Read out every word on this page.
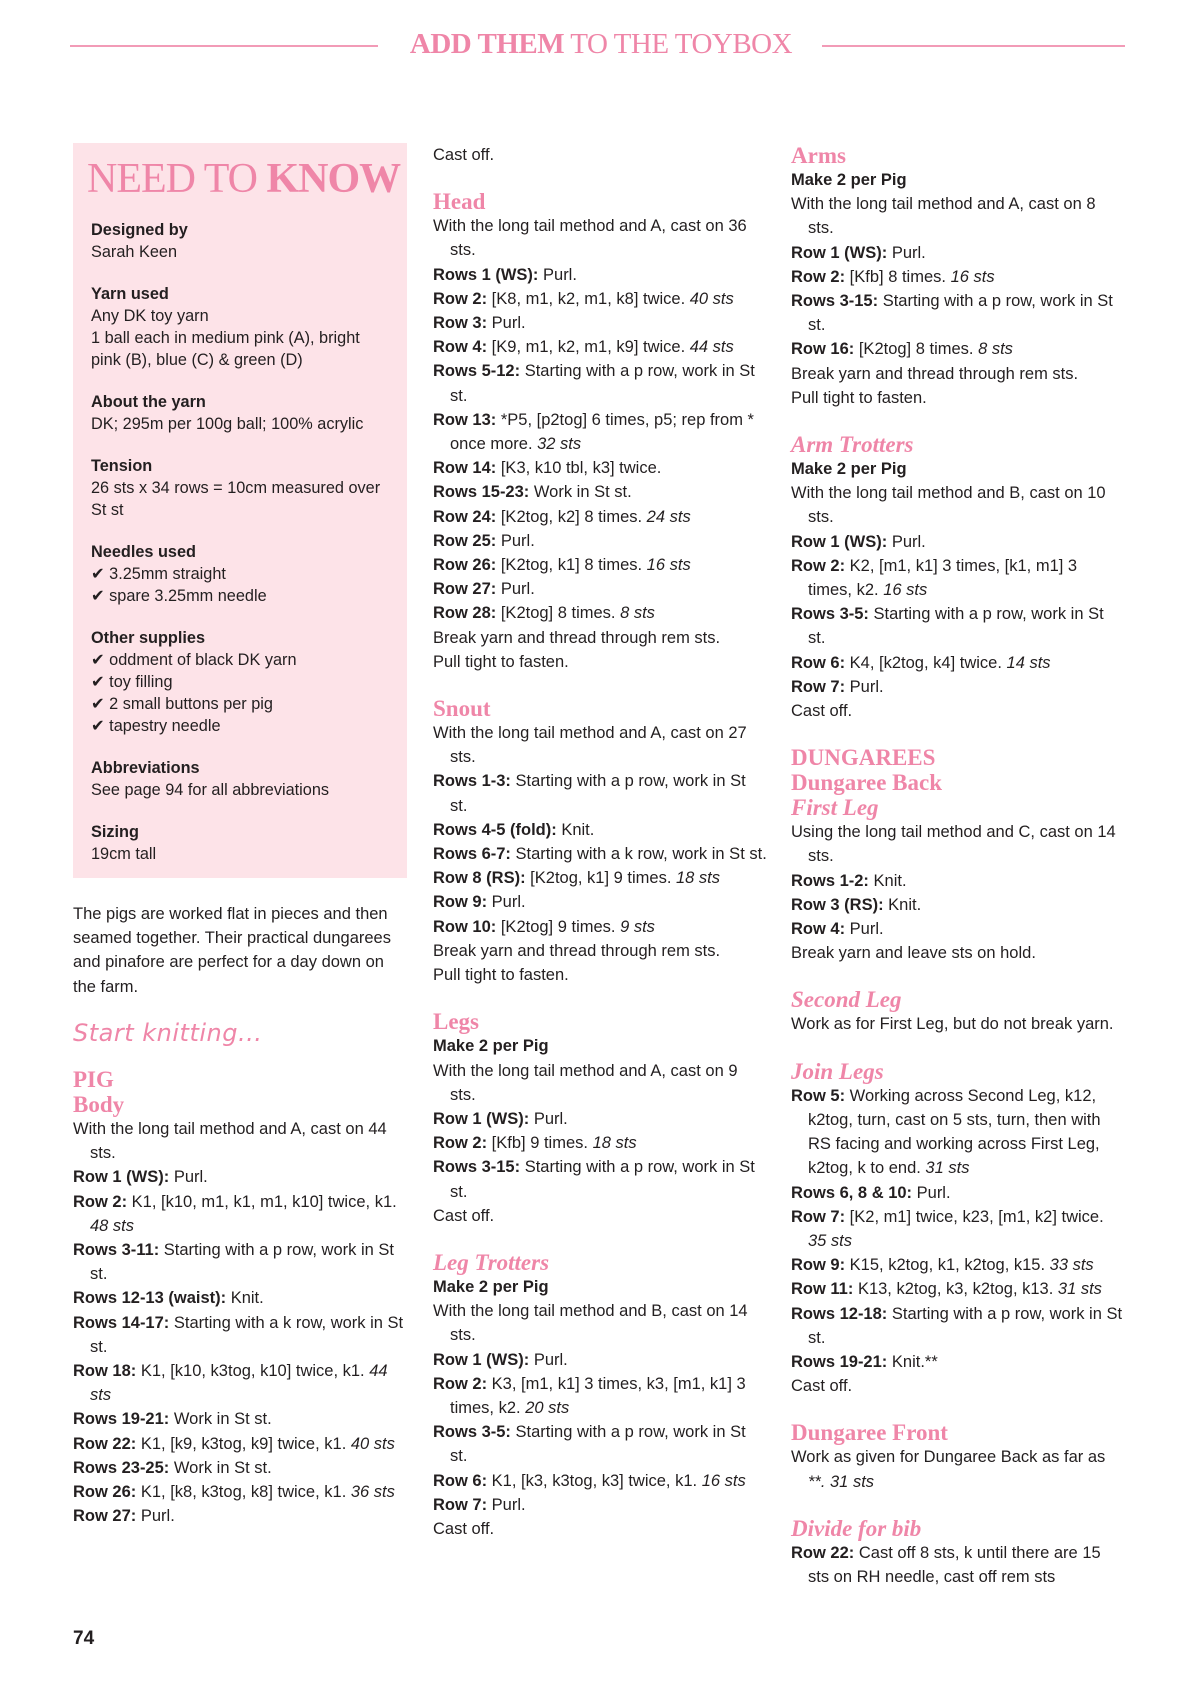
ADD THEM TO THE TOYBOX
NEED TO KNOW
Designed by
Sarah Keen
Yarn used
Any DK toy yarn
1 ball each in medium pink (A), bright pink (B), blue (C) & green (D)
About the yarn
DK; 295m per 100g ball; 100% acrylic
Tension
26 sts x 34 rows = 10cm measured over St st
Needles used
✔ 3.25mm straight
✔ spare 3.25mm needle
Other supplies
✔ oddment of black DK yarn
✔ toy filling
✔ 2 small buttons per pig
✔ tapestry needle
Abbreviations
See page 94 for all abbreviations
Sizing
19cm tall
The pigs are worked flat in pieces and then seamed together. Their practical dungarees and pinafore are perfect for a day down on the farm.
Start knitting...
PIG
Body
With the long tail method and A, cast on 44 sts.
Row 1 (WS): Purl.
Row 2: K1, [k10, m1, k1, m1, k10] twice, k1. 48 sts
Rows 3-11: Starting with a p row, work in St st.
Rows 12-13 (waist): Knit.
Rows 14-17: Starting with a k row, work in St st.
Row 18: K1, [k10, k3tog, k10] twice, k1. 44 sts
Rows 19-21: Work in St st.
Row 22: K1, [k9, k3tog, k9] twice, k1. 40 sts
Rows 23-25: Work in St st.
Row 26: K1, [k8, k3tog, k8] twice, k1. 36 sts
Row 27: Purl.
Cast off.
Head
With the long tail method and A, cast on 36 sts.
Rows 1 (WS): Purl.
Row 2: [K8, m1, k2, m1, k8] twice. 40 sts
Row 3: Purl.
Row 4: [K9, m1, k2, m1, k9] twice. 44 sts
Rows 5-12: Starting with a p row, work in St st.
Row 13: *P5, [p2tog] 6 times, p5; rep from * once more. 32 sts
Row 14: [K3, k10 tbl, k3] twice.
Rows 15-23: Work in St st.
Row 24: [K2tog, k2] 8 times. 24 sts
Row 25: Purl.
Row 26: [K2tog, k1] 8 times. 16 sts
Row 27: Purl.
Row 28: [K2tog] 8 times. 8 sts
Break yarn and thread through rem sts.
Pull tight to fasten.
Snout
With the long tail method and A, cast on 27 sts.
Rows 1-3: Starting with a p row, work in St st.
Rows 4-5 (fold): Knit.
Rows 6-7: Starting with a k row, work in St st.
Row 8 (RS): [K2tog, k1] 9 times. 18 sts
Row 9: Purl.
Row 10: [K2tog] 9 times. 9 sts
Break yarn and thread through rem sts.
Pull tight to fasten.
Legs
Make 2 per Pig
With the long tail method and A, cast on 9 sts.
Row 1 (WS): Purl.
Row 2: [Kfb] 9 times. 18 sts
Rows 3-15: Starting with a p row, work in St st.
Cast off.
Leg Trotters
Make 2 per Pig
With the long tail method and B, cast on 14 sts.
Row 1 (WS): Purl.
Row 2: K3, [m1, k1] 3 times, k3, [m1, k1] 3 times, k2. 20 sts
Rows 3-5: Starting with a p row, work in St st.
Row 6: K1, [k3, k3tog, k3] twice, k1. 16 sts
Row 7: Purl.
Cast off.
Arms
Make 2 per Pig
With the long tail method and A, cast on 8 sts.
Row 1 (WS): Purl.
Row 2: [Kfb] 8 times. 16 sts
Rows 3-15: Starting with a p row, work in St st.
Row 16: [K2tog] 8 times. 8 sts
Break yarn and thread through rem sts.
Pull tight to fasten.
Arm Trotters
Make 2 per Pig
With the long tail method and B, cast on 10 sts.
Row 1 (WS): Purl.
Row 2: K2, [m1, k1] 3 times, [k1, m1] 3 times, k2. 16 sts
Rows 3-5: Starting with a p row, work in St st.
Row 6: K4, [k2tog, k4] twice. 14 sts
Row 7: Purl.
Cast off.
DUNGAREES
Dungaree Back
First Leg
Using the long tail method and C, cast on 14 sts.
Rows 1-2: Knit.
Row 3 (RS): Knit.
Row 4: Purl.
Break yarn and leave sts on hold.
Second Leg
Work as for First Leg, but do not break yarn.
Join Legs
Row 5: Working across Second Leg, k12, k2tog, turn, cast on 5 sts, turn, then with RS facing and working across First Leg, k2tog, k to end. 31 sts
Rows 6, 8 & 10: Purl.
Row 7: [K2, m1] twice, k23, [m1, k2] twice. 35 sts
Row 9: K15, k2tog, k1, k2tog, k15. 33 sts
Row 11: K13, k2tog, k3, k2tog, k13. 31 sts
Rows 12-18: Starting with a p row, work in St st.
Rows 19-21: Knit.**
Cast off.
Dungaree Front
Work as given for Dungaree Back as far as **. 31 sts
Divide for bib
Row 22: Cast off 8 sts, k until there are 15 sts on RH needle, cast off rem sts
74
